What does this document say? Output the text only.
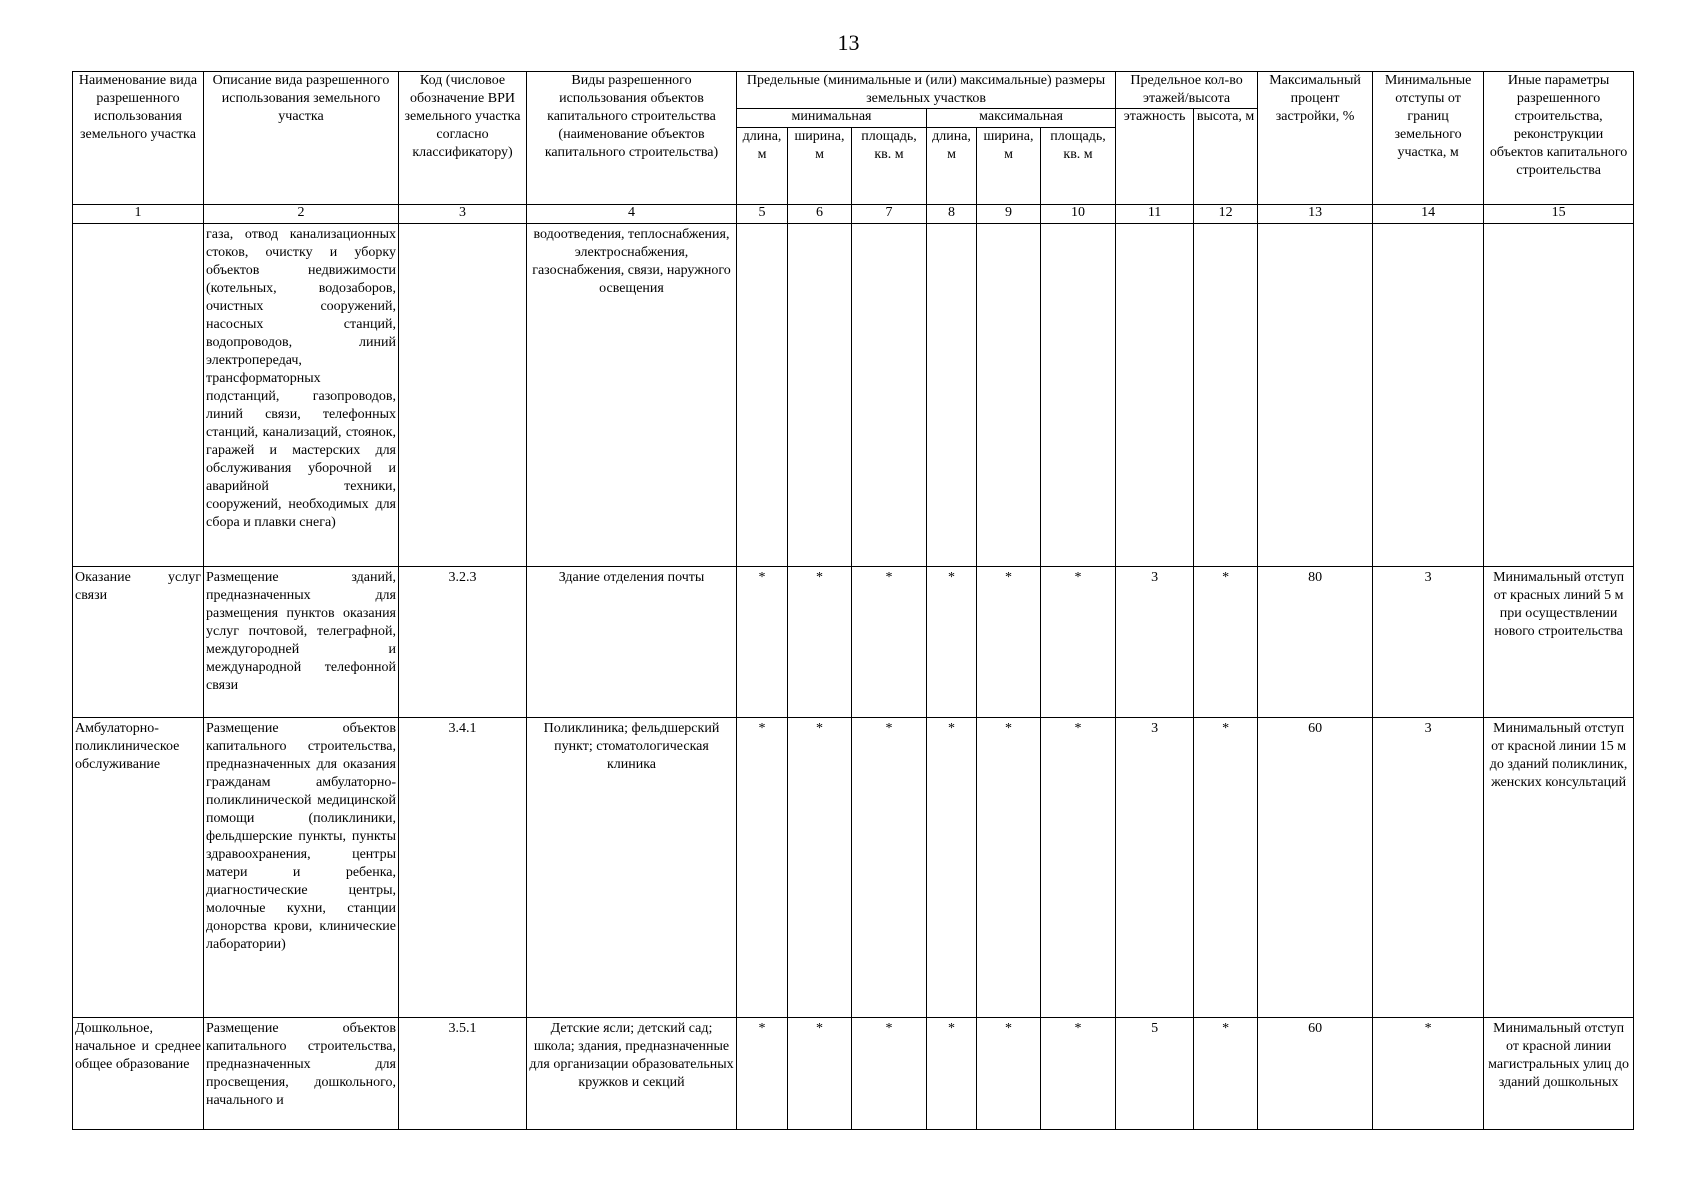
13
Наименование вида разрешенного использования земельного участка	Описание вида разрешенного использования земельного участка	Код (числовое обозначение ВРИ земельного участка согласно классификатору)	Виды разрешенного использования объектов капитального строительства (наименование объектов капитального строительства)	Предельные (минимальные и (или) максимальные) размеры земельных участков						Предельное кол-во этажей/высота		Максимальный процент застройки, %	Минимальные отступы от границ земельного участка, м	Иные параметры разрешенного строительства, реконструкции объектов капитального строительства
				минимальная			максимальная			этажность	высота, м			
				длина, м	ширина, м	площадь, кв. м	длина, м	ширина, м	площадь, кв. м					
1	2	3	4	5	6	7	8	9	10	11	12	13	14	15
	газа, отвод канализационных стоков, очистку и уборку объектов недвижимости (котельных, водозаборов, очистных сооружений, насосных станций, водопроводов, линий электропередач, трансформаторных подстанций, газопроводов, линий связи, телефонных станций, канализаций, стоянок, гаражей и мастерских для обслуживания уборочной и аварийной техники, сооружений, необходимых для сбора и плавки снега)		водоотведения, теплоснабжения, электроснабжения, газоснабжения, связи, наружного освещения											
Оказание услуг связи	Размещение зданий, предназначенных для размещения пунктов оказания услуг почтовой, телеграфной, междугородней и международной телефонной связи	3.2.3	Здание отделения почты	*	*	*	*	*	*	3	*	80	3	Минимальный отступ от красных линий 5 м при осуществлении нового строительства
Амбулаторно-поликлиническое обслуживание	Размещение объектов капитального строительства, предназначенных для оказания гражданам амбулаторно-поликлинической медицинской помощи (поликлиники, фельдшерские пункты, пункты здравоохранения, центры матери и ребенка, диагностические центры, молочные кухни, станции донорства крови, клинические лаборатории)	3.4.1	Поликлиника; фельдшерский пункт; стоматологическая клиника	*	*	*	*	*	*	3	*	60	3	Минимальный отступ от красной линии 15 м до зданий поликлиник, женских консультаций
Дошкольное, начальное и среднее общее образование	Размещение объектов капитального строительства, предназначенных для просвещения, дошкольного, начального и	3.5.1	Детские ясли; детский сад; школа; здания, предназначенные для организации образовательных кружков и секций	*	*	*	*	*	*	5	*	60	*	Минимальный отступ от красной линии магистральных улиц до зданий дошкольных
